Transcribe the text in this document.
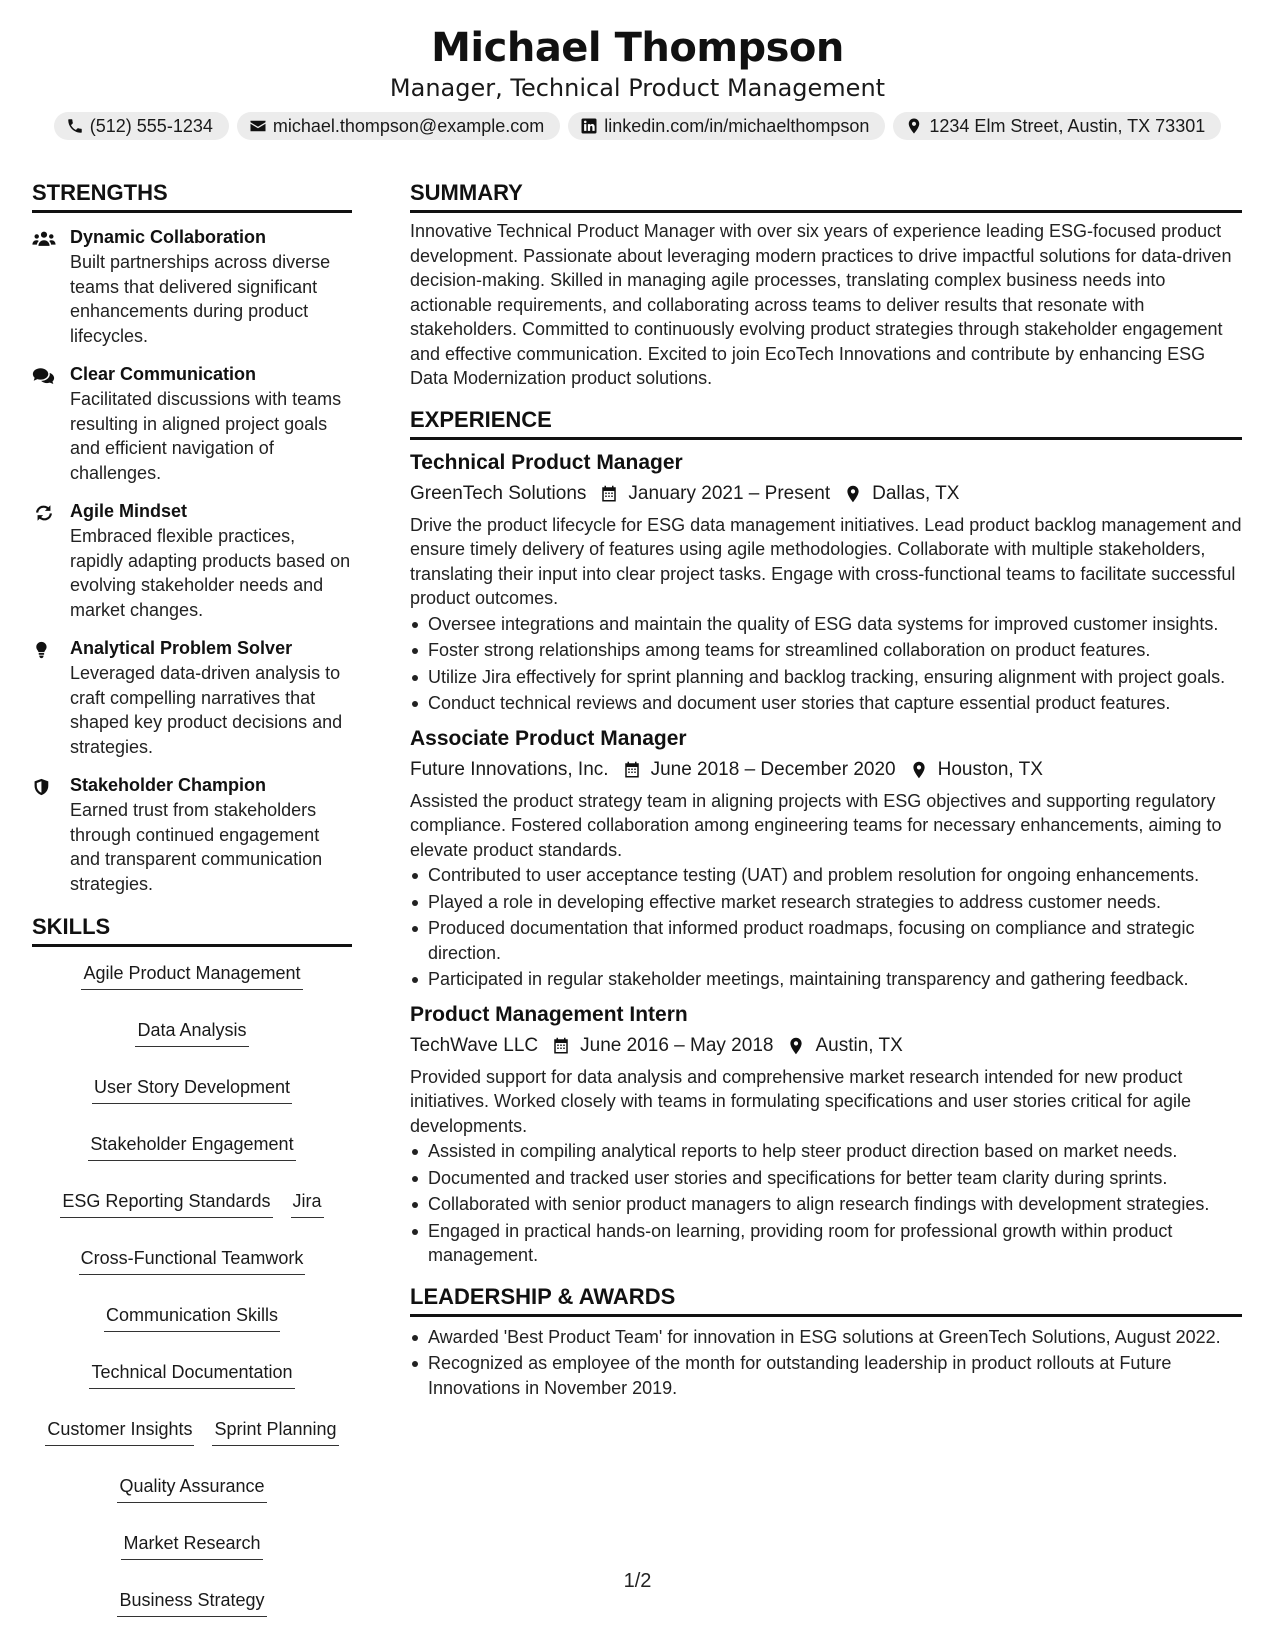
Michael Thompson
Manager, Technical Product Management
(512) 555-1234	michael.thompson@example.com	linkedin.com/in/michaelthompson	1234 Elm Street, Austin, TX 73301
STRENGTHS
Dynamic Collaboration
Built partnerships across diverse teams that delivered significant enhancements during product lifecycles.
Clear Communication
Facilitated discussions with teams resulting in aligned project goals and efficient navigation of challenges.
Agile Mindset
Embraced flexible practices, rapidly adapting products based on evolving stakeholder needs and market changes.
Analytical Problem Solver
Leveraged data-driven analysis to craft compelling narratives that shaped key product decisions and strategies.
Stakeholder Champion
Earned trust from stakeholders through continued engagement and transparent communication strategies.
SKILLS
Agile Product Management
Data Analysis
User Story Development
Stakeholder Engagement
ESG Reporting Standards Jira
Cross-Functional Teamwork
Communication Skills
Technical Documentation
Customer Insights Sprint Planning
Quality Assurance
Market Research
Business Strategy
SUMMARY
Innovative Technical Product Manager with over six years of experience leading ESG-focused product development. Passionate about leveraging modern practices to drive impactful solutions for data-driven decision-making. Skilled in managing agile processes, translating complex business needs into actionable requirements, and collaborating across teams to deliver results that resonate with stakeholders. Committed to continuously evolving product strategies through stakeholder engagement and effective communication. Excited to join EcoTech Innovations and contribute by enhancing ESG Data Modernization product solutions.
EXPERIENCE
Technical Product Manager
GreenTech Solutions January 2021 – Present Dallas, TX
Drive the product lifecycle for ESG data management initiatives. Lead product backlog management and ensure timely delivery of features using agile methodologies. Collaborate with multiple stakeholders, translating their input into clear project tasks. Engage with cross-functional teams to facilitate successful product outcomes.
Oversee integrations and maintain the quality of ESG data systems for improved customer insights.
Foster strong relationships among teams for streamlined collaboration on product features.
Utilize Jira effectively for sprint planning and backlog tracking, ensuring alignment with project goals.
Conduct technical reviews and document user stories that capture essential product features.
Associate Product Manager
Future Innovations, Inc. June 2018 – December 2020 Houston, TX
Assisted the product strategy team in aligning projects with ESG objectives and supporting regulatory compliance. Fostered collaboration among engineering teams for necessary enhancements, aiming to elevate product standards.
Contributed to user acceptance testing (UAT) and problem resolution for ongoing enhancements.
Played a role in developing effective market research strategies to address customer needs.
Produced documentation that informed product roadmaps, focusing on compliance and strategic direction.
Participated in regular stakeholder meetings, maintaining transparency and gathering feedback.
Product Management Intern
TechWave LLC June 2016 – May 2018 Austin, TX
Provided support for data analysis and comprehensive market research intended for new product initiatives. Worked closely with teams in formulating specifications and user stories critical for agile developments.
Assisted in compiling analytical reports to help steer product direction based on market needs.
Documented and tracked user stories and specifications for better team clarity during sprints.
Collaborated with senior product managers to align research findings with development strategies.
Engaged in practical hands-on learning, providing room for professional growth within product management.
LEADERSHIP & AWARDS
Awarded 'Best Product Team' for innovation in ESG solutions at GreenTech Solutions, August 2022.
Recognized as employee of the month for outstanding leadership in product rollouts at Future Innovations in November 2019.
1/2
